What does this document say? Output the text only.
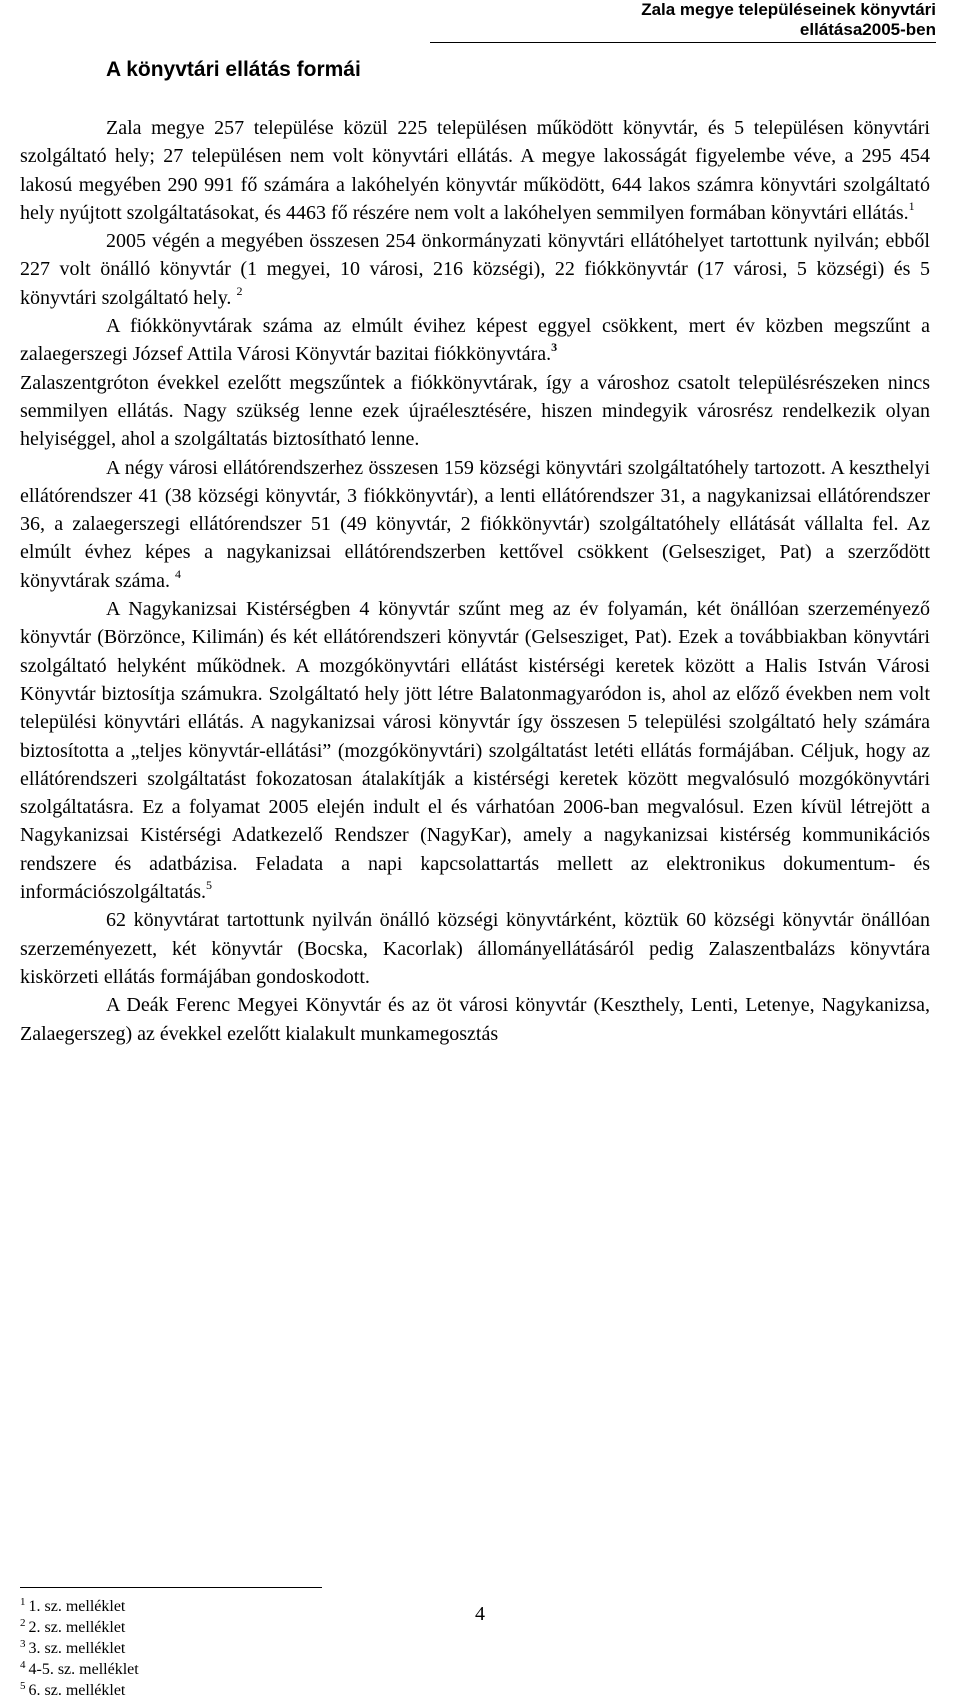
Zala megye településeinek könyvtári ellátása2005-ben
A könyvtári ellátás formái

Zala megye 257 települése közül 225 településen működött könyvtár, és 5 településen könyvtári szolgáltató hely; 27 településen nem volt könyvtári ellátás. A megye lakosságát figyelembe véve, a 295 454 lakosú megyében 290 991 fő számára a lakóhelyén könyvtár működött, 644 lakos számra könyvtári szolgáltató hely nyújtott szolgáltatásokat, és 4463 fő részére nem volt a lakóhelyen semmilyen formában könyvtári ellátás.$^1$

2005 végén a megyében összesen 254 önkormányzati könyvtári ellátóhelyet tartottunk nyilván; ebből 227 volt önálló könyvtár (1 megyei, 10 városi, 216 községi), 22 fiókkönyvtár (17 városi, 5 községi) és 5 könyvtári szolgáltató hely. $^2$

A fiókkönyvtárak száma az elmúlt évihez képest eggyel csökkent, mert év közben megszűnt a zalaegerszegi József Attila Városi Könyvtár bazitai fiókkönyvtára.$^3$

Zalaszentgróton évekkel ezelőtt megszűntek a fiókkönyvtárak, így a városhoz csatolt településrészeken nincs semmilyen ellátás. Nagy szükség lenne ezek újraélesztésére, hiszen mindegyik városrész rendelkezik olyan helyiséggel, ahol a szolgáltatás biztosítható lenne.

A négy városi ellátórendszerhez összesen 159 községi könyvtári szolgáltatóhely tartozott. A keszthelyi ellátórendszer 41 (38 községi könyvtár, 3 fiókkönyvtár), a lenti ellátórendszer 31, a nagykanizsai ellátórendszer 36, a zalaegerszegi ellátórendszer 51 (49 könyvtár, 2 fiókkönyvtár) szolgáltatóhely ellátását vállalta fel. Az elmúlt évhez képes a nagykanizsai ellátórendszerben kettővel csökkent (Gelsesziget, Pat) a szerződött könyvtárak száma. $^4$

A Nagykanizsai Kistérségben 4 könyvtár szűnt meg az év folyamán, két önállóan szerzeményező könyvtár (Börzönce, Kilimán) és két ellátórendszeri könyvtár (Gelsesziget, Pat). Ezek a továbbiakban könyvtári szolgáltató helyként működnek. A mozgókönyvtári ellátást kistérségi keretek között a Halis István Városi Könyvtár biztosítja számukra. Szolgáltató hely jött létre Balatonmagyaródon is, ahol az előző években nem volt települési könyvtári ellátás. A nagykanizsai városi könyvtár így összesen 5 települési szolgáltató hely számára biztosította a „teljes könyvtár-ellátási” (mozgókönyvtári) szolgáltatást letéti ellátás formájában. Céljuk, hogy az ellátórendszeri szolgáltatást fokozatosan átalakítják a kistérségi keretek között megvalósuló mozgókönyvtári szolgáltatásra. Ez a folyamat 2005 elején indult el és várhatóan 2006-ban megvalósul. Ezen kívül létrejött a Nagykanizsai Kistérségi Adatkezelő Rendszer (NagyKar), amely a nagykanizsai kistérség kommunikációs rendszere és adatbázisa. Feladata a napi kapcsolattartás mellett az elektronikus dokumentum- és információszolgáltatás.$^5$

62 könyvtárat tartottunk nyilván önálló községi könyvtárként, köztük 60 községi könyvtár önállóan szerzeményezett, két könyvtár (Bocska, Kacorlak) állományellátásáról pedig Zalaszentbalázs könyvtára kiskörzeti ellátás formájában gondoskodott.

A Deák Ferenc Megyei Könyvtár és az öt városi könyvtár (Keszthely, Lenti, Letenye, Nagykanizsa, Zalaegerszeg) az évekkel ezelőtt kialakult munkamegosztás

$^1$ 1. sz. melléklet
$^2$ 2. sz. melléklet
$^3$ 3. sz. melléklet
$^4$ 4-5. sz. melléklet
$^5$ 6. sz. melléklet
4
